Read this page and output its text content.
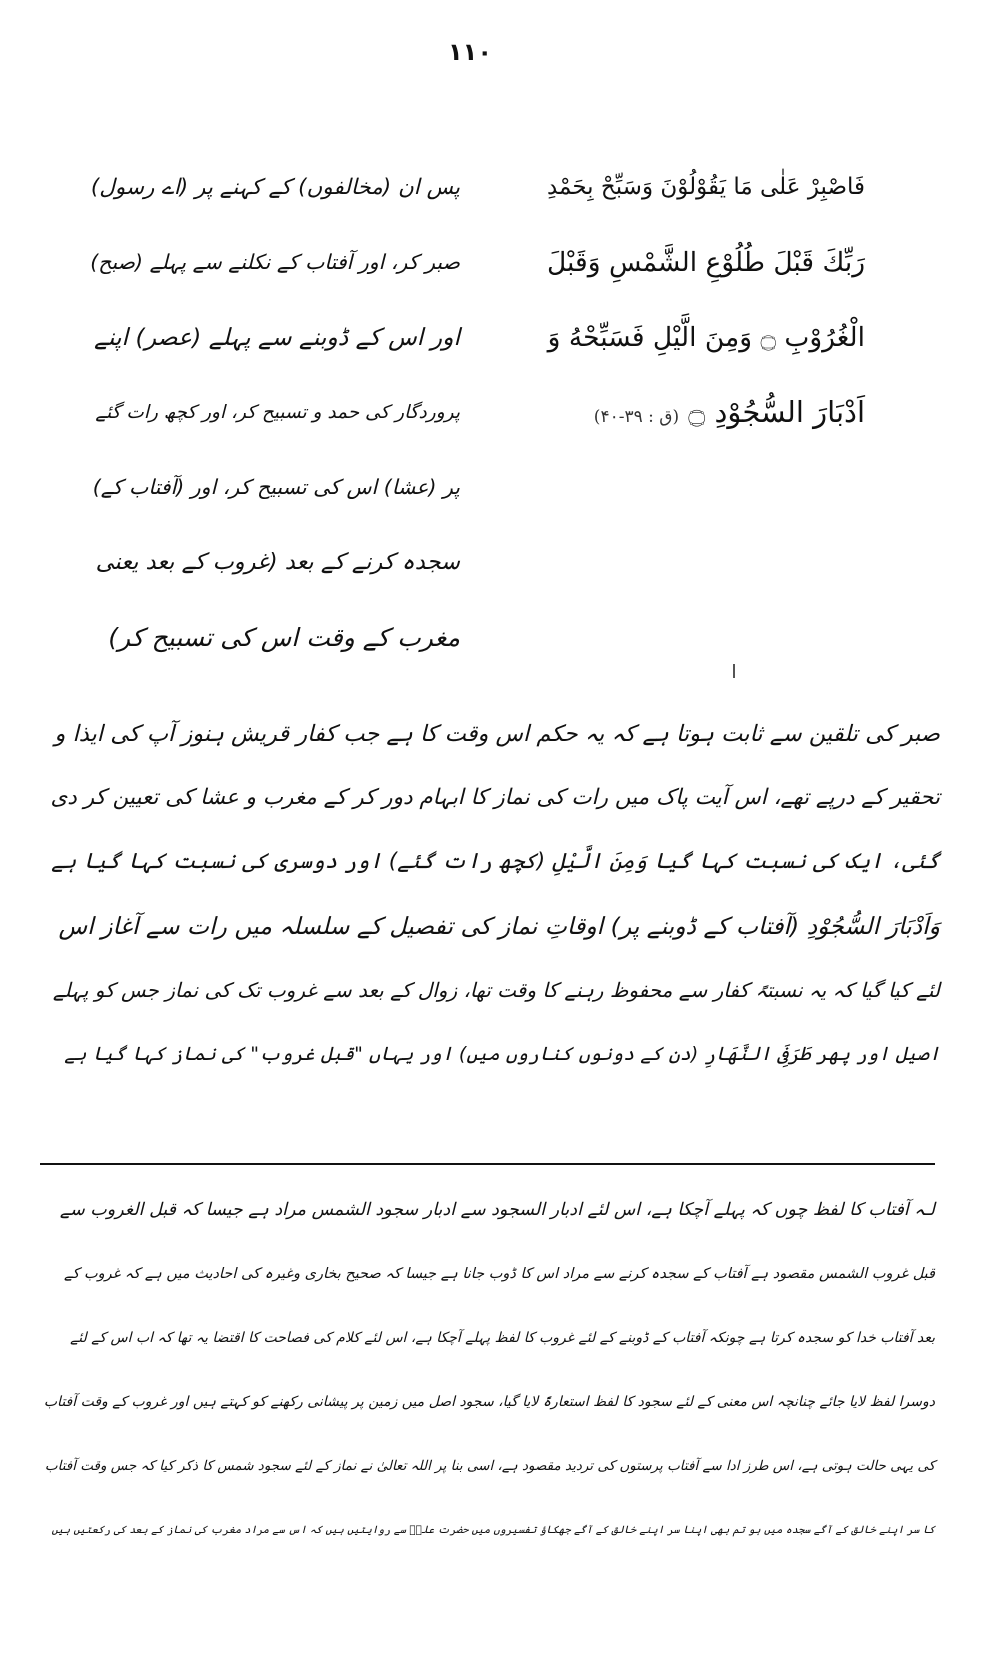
۱۱۰
فَاصْبِرْ عَلٰی مَا یَقُوْلُوْنَ وَسَبِّحْ بِحَمْدِ
رَبِّكَ قَبْلَ طُلُوْعِ الشَّمْسِ وَقَبْلَ
الْغُرُوْبِ ۝ وَمِنَ الَّیْلِ فَسَبِّحْهُ وَ
اَدْبَارَ السُّجُوْدِ ۝ (ق : ۳۹-۴۰)
پس ان (مخالفوں) کے کہنے پر (اے رسول)
صبر کر، اور آفتاب کے نکلنے سے پہلے (صبح)
اور اس کے ڈوبنے سے پہلے (عصر) اپنے
پروردگار کی حمد و تسبیح کر، اور کچھ رات گئے
پر (عشا) اس کی تسبیح کر، اور (آفتاب کے)
سجدہ کرنے کے بعد (غروب کے بعد یعنی
مغرب کے وقت اس کی تسبیح کر)
صبر کی تلقین سے ثابت ہوتا ہے کہ یہ حکم اس وقت کا ہے جب کفار قریش ہنوز آپ کی ایذا و
تحقیر کے درپے تھے، اس آیت پاک میں رات کی نماز کا ابہام دور کر کے مغرب و عشا کی تعیین کر دی
گئی، ایک کی نسبت کہا گیا وَمِنَ الَّیْلِ (کچھ رات گئے) اور دوسری کی نسبت کہا گیا ہے
وَاَدْبَارَ السُّجُوْدِ (آفتاب کے ڈوبنے پر) اوقاتِ نماز کی تفصیل کے سلسلہ میں رات سے آغاز اس
لئے کیا گیا کہ یہ نسبتہً کفار سے محفوظ رہنے کا وقت تھا، زوال کے بعد سے غروب تک کی نماز جس کو پہلے
اصیل اور پھر طَرَفَیِ النَّهَارِ (دن کے دونوں کناروں میں) اور یہاں "قبل غروب" کی نماز کہا گیا ہے
لـہ آفتاب کا لفظ چوں کہ پہلے آچکا ہے، اس لئے ادبار السجود سے ادبار سجود الشمس مراد ہے جیسا کہ قبل الغروب سے
قبل غروب الشمس مقصود ہے آفتاب کے سجدہ کرنے سے مراد اس کا ڈوب جانا ہے جیسا کہ صحیح بخاری وغیرہ کی احادیث میں ہے کہ غروب کے
بعد آفتاب خدا کو سجدہ کرتا ہے چونکہ آفتاب کے ڈوبنے کے لئے غروب کا لفظ پہلے آچکا ہے، اس لئے کلام کی فصاحت کا اقتضا یہ تھا کہ اب اس کے لئے
دوسرا لفظ لایا جائے چنانچہ اس معنی کے لئے سجود کا لفظ استعارۃً لایا گیا، سجود اصل میں زمین پر پیشانی رکھنے کو کہتے ہیں اور غروب کے وقت آفتاب
کی یہی حالت ہوتی ہے، اس طرز ادا سے آفتاب پرستوں کی تردید مقصود ہے، اسی بنا پر اللہ تعالیٰ نے نماز کے لئے سجود شمس کا ذکر کیا کہ جس وقت آفتاب
کا سر اپنے خالق کے آگے سجدہ میں ہو تم بھی اپنا سر اپنے خالق کے آگے جھکاؤ تفسیروں میں حضرت علیؓ سے روایتیں ہیں کہ اس سے مراد مغرب کی نماز کے بعد کی رکعتیں ہیں
